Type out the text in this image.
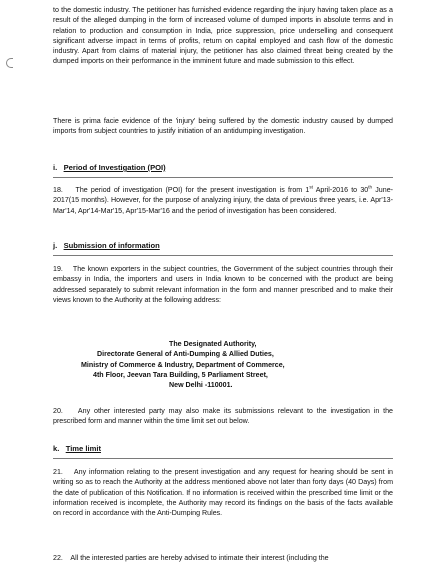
to the domestic industry. The petitioner has furnished evidence regarding the injury having taken place as a result of the alleged dumping in the form of increased volume of dumped imports in absolute terms and in relation to production and consumption in India, price suppression, price underselling and consequent significant adverse impact in terms of profits, return on capital employed and cash flow of the domestic industry. Apart from claims of material injury, the petitioner has also claimed threat being created by the dumped imports on their performance in the imminent future and made submission to this effect.

There is prima facie evidence of the 'injury' being suffered by the domestic industry caused by dumped imports from subject countries to justify initiation of an antidumping investigation.

i. Period of Investigation (POI)

18.    The period of investigation (POI) for the present investigation is from 1st April-2016 to 30th June-2017(15 months). However, for the purpose of analyzing injury, the data of previous three years, i.e. Apr'13-Mar'14, Apr'14-Mar'15, Apr'15-Mar'16 and the period of investigation has been considered.

j. Submission of information

19.    The known exporters in the subject countries, the Government of the subject countries through their embassy in India, the importers and users in India known to be concerned with the product are being addressed separately to submit relevant information in the form and manner prescribed and to make their views known to the Authority at the following address:

The Designated Authority,
Directorate General of Anti-Dumping & Allied Duties,
Ministry of Commerce & Industry, Department of Commerce,
4th Floor, Jeevan Tara Building, 5 Parliament Street,
New Delhi -110001.

20.    Any other interested party may also make its submissions relevant to the investigation in the prescribed form and manner within the time limit set out below.

k. Time limit

21.    Any information relating to the present investigation and any request for hearing should be sent in writing so as to reach the Authority at the address mentioned above not later than forty days (40 Days) from the date of publication of this Notification. If no information is received within the prescribed time limit or the information received is incomplete, the Authority may record its findings on the basis of the facts available on record in accordance with the Anti-Dumping Rules.

22.    All the interested parties are hereby advised to intimate their interest (including the
